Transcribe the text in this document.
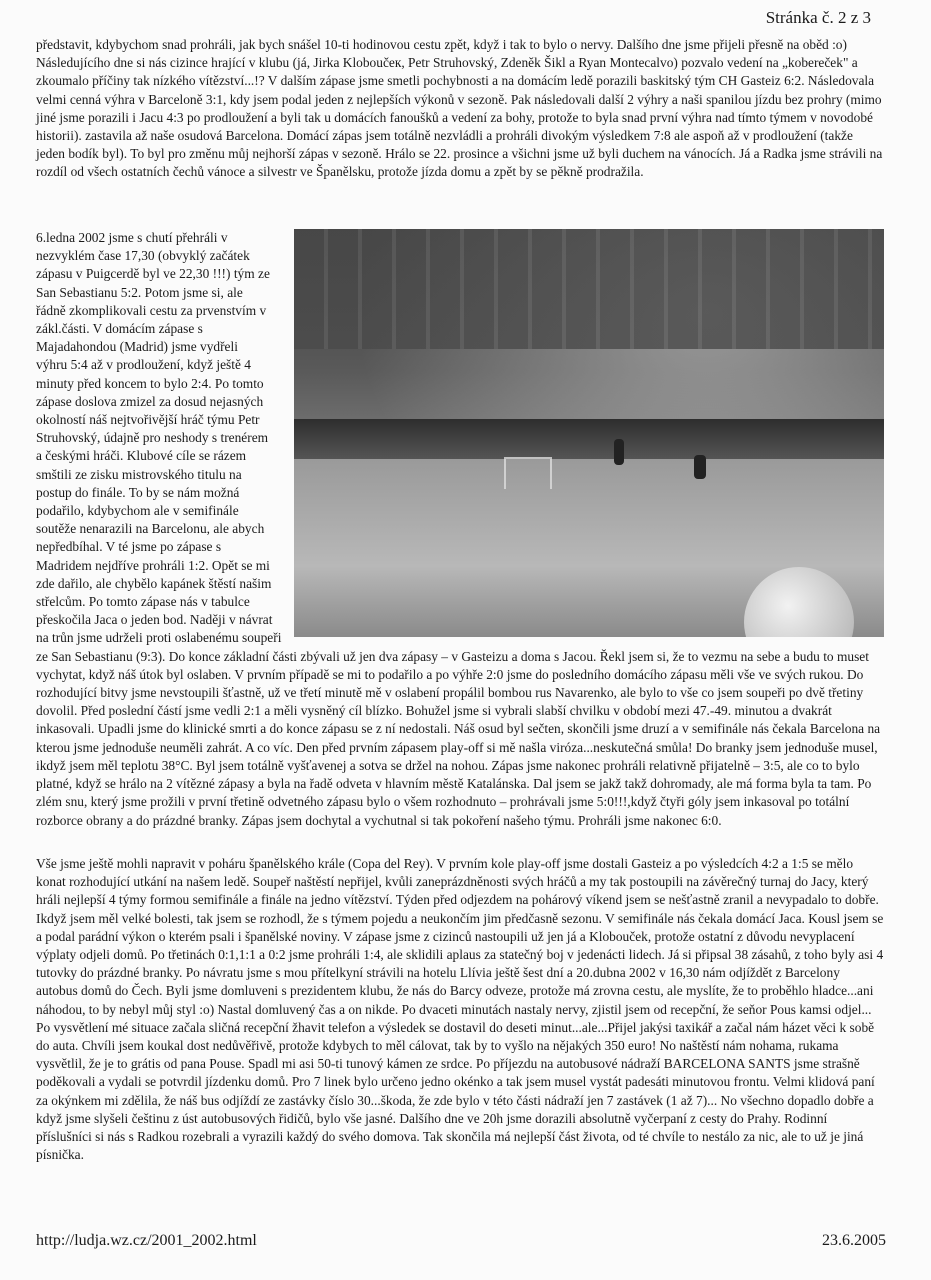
Stránka č. 2 z 3

představit, kdybychom snad prohráli, jak bych snášel 10-ti hodinovou cestu zpět, když i tak to bylo o nervy. Dalšího dne jsme přijeli přesně na oběd :o) Následujícího dne si nás cizince hrající v klubu (já, Jirka Kloboučeк, Petr Struhovský, Zdeněk Šikl a Ryan Montecalvo) pozvalo vedení na „kobereček" a zkoumalo příčiny tak nízkého vítězství...!? V dalším zápase jsme smetli pochybnosti a na domácím ledě porazili baskitský tým CH Gasteiz 6:2. Následovala velmi cenná výhra v Barceloně 3:1, kdy jsem podal jeden z nejlepších výkonů v sezoně. Pak následovali další 2 výhry a naši spanilou jízdu bez prohry (mimo jiné jsme porazili i Jacu 4:3 po prodloužení a byli tak u domácích fanoušků a vedení za bohy, protože to byla snad první výhra nad tímto týmem v novodobé historii). zastavila až naše osudová Barcelona. Domácí zápas jsem totálně nezvládli a prohráli divokým výsledkem 7:8 ale aspoň až v prodloužení (takže jeden bodík byl). To byl pro změnu můj nejhorší zápas v sezoně. Hrálo se 22. prosince a všichni jsme už byli duchem na vánocích. Já a Radka jsme strávili na rozdíl od všech ostatních čechů vánoce a silvestr ve Španělsku, protože jízda domu a zpět by se pěkně prodražila.

6.ledna 2002 jsme s chutí přehráli v nezvyklém čase 17,30 (obvyklý začátek zápasu v Puigcerdě byl ve 22,30 !!!) tým ze San Sebastianu 5:2. Potom jsme si, ale řádně zkomplikovali cestu za prvenstvím v zákl.části. V domácím zápase s Majadahondou (Madrid) jsme vydřeli výhru 5:4 až v prodloužení, když ještě 4 minuty před koncem to bylo 2:4. Po tomto zápase doslova zmizel za dosud nejasných okolností náš nejtvořivější hráč týmu Petr Struhovský, údajně pro neshody s trenérem a českými hráči. Klubové cíle se rázem smštili ze zisku mistrovského titulu na postup do finále. To by se nám možná podařilo, kdybychom ale v semifinále soutěže nenarazili na Barcelonu, ale abych nepředbíhal. V té jsme po zápase s Madridem nejdříve prohráli 1:2. Opět se mi zde dařilo, ale chybělo kapánek štěstí našim střelcům. Po tomto zápase nás v tabulce
přeskočila Jaca o jeden bod. Naději v návrat na trůn jsme udrželi proti oslabenému soupeři ze San Sebastianu (9:3). Do konce základní části zbývali už jen dva zápasy – v Gasteizu a doma s Jacou. Řekl jsem si, že to vezmu na sebe a budu to muset vychytat, když náš útok byl oslaben. V prvním případě se mi to podařilo a po výhře 2:0 jsme do posledního domácího zápasu měli vše ve svých rukou. Do rozhodující bitvy jsme nevstoupili šťastně, už ve třetí minutě mě v oslabení propálil bombou rus Navarenko, ale bylo to vše co jsem soupeři po dvě třetiny dovolil. Před poslední částí jsme vedli 2:1 a měli vysněný cíl blízko. Bohužel jsme si vybrali slabší chvilku v období mezi 47.-49. minutou a dvakrát inkasovali. Upadli jsme do klinické smrti a do konce zápasu se z ní nedostali. Náš osud byl sečten, skončili jsme druzí a v semifinále nás čekala Barcelona na kterou jsme jednoduše neuměli zahrát. A co víc. Den před prvním zápasem play-off si mě našla viróza...neskutečná smůla! Do branky jsem jednoduše musel, ikdyž jsem měl teplotu 38°C. Byl jsem totálně vyšťavenej a sotva se držel na nohou. Zápas jsme nakonec prohráli relativně přijatelně – 3:5, ale co to bylo platné, když se hrálo na 2 vítězné zápasy a byla na řadě odveta v hlavním městě Katalánska. Dal jsem se jakž takž dohromady, ale má forma byla ta tam. Po zlém snu, který jsme prožili v první třetině odvetného zápasu bylo o všem rozhodnuto – prohrávali jsme 5:0!!!,když čtyři góly jsem inkasoval po totální rozborce obrany a do prázdné branky. Zápas jsem dochytal a vychutnal si tak pokoření našeho týmu. Prohráli jsme nakonec 6:0.

Vše jsme ještě mohli napravit v poháru španělského krále (Copa del Rey). V prvním kole play-off jsme dostali Gasteiz a po výsledcích 4:2 a 1:5 se mělo konat rozhodující utkání na našem ledě. Soupeř naštěstí nepřijel, kvůli zaneprázdněnosti svých hráčů a my tak postoupili na závěrečný turnaj do Jacy, který hráli nejlepší 4 týmy formou semifinále a finále na jedno vítězství. Týden před odjezdem na pohárový víkend jsem se nešťastně zranil a nevypadalo to dobře. Ikdyž jsem měl velké bolesti, tak jsem se rozhodl, že s týmem pojedu a neukončím jim předčasně sezonu. V semifinále nás čekala domácí Jaca. Kousl jsem se a podal parádní výkon o kterém psali i španělské noviny. V zápase jsme z cizinců nastoupili už jen já a Kloboučеk, protože ostatní z důvodu nevyplacení výplaty odjeli domů. Po třetinách 0:1,1:1 a 0:2 jsme prohráli 1:4, ale sklidili aplaus za statečný boj v jedenácti lidech. Já si připsal 38 zásahů, z toho byly asi 4 tutovky do prázdné branky. Po návratu jsme s mou přítelkyní strávili na hotelu Llívia ještě šest dní a 20.dubna 2002 v 16,30 nám odjíždět z Barcelony autobus domů do Čech. Byli jsme domluveni s prezidentem klubu, že nás do Barcy odveze, protože má zrovna cestu, ale myslíte, že to proběhlo hladce...ani náhodou, to by nebyl můj styl :o) Nastal domluvený čas a on nikde. Po dvaceti minutách nastaly nervy, zjistil jsem od recepční, že seňor Pous kamsi odjel... Po vysvětlení mé situace začala sličná recepční žhavit telefon a výsledek se dostavil do deseti minut...ale...Přijel jakýsi taxikář a začal nám házet věci k sobě do auta. Chvíli jsem koukal dost nedůvěřivě, protože kdybych to měl cálovat, tak by to vyšlo na nějakých 350 euro! No naštěstí nám nohama, rukama vysvětlil, že je to grátis od pana Pouse. Spadl mi asi 50-ti tunový kámen ze srdce. Po příjezdu na autobusové nádraží BARCELONA SANTS jsme strašně poděkovali a vydali se potvrdil jízdenku domů. Pro 7 linek bylo určeno jedno okénko a tak jsem musel vystát padesáti minutovou frontu. Velmi klidová paní za okýnkem mi zdělila, že náš bus odjíždí ze zastávky číslo 30...škoda, že zde bylo v této části nádraží jen 7 zastávek (1 až 7)... No všechno dopadlo dobře a když jsme slyšeli češtinu z úst autobusových řidičů, bylo vše jasné. Dalšího dne ve 20h jsme dorazili absolutně vyčerpaní z cesty do Prahy. Rodinní příslušníci si nás s Radkou rozebrali a vyrazili každý do svého domova. Tak skončila má nejlepší část života, od té chvíle to nestálo za nic, ale to už je jiná písnička.

http://ludja.wz.cz/2001_2002.html	23.6.2005
